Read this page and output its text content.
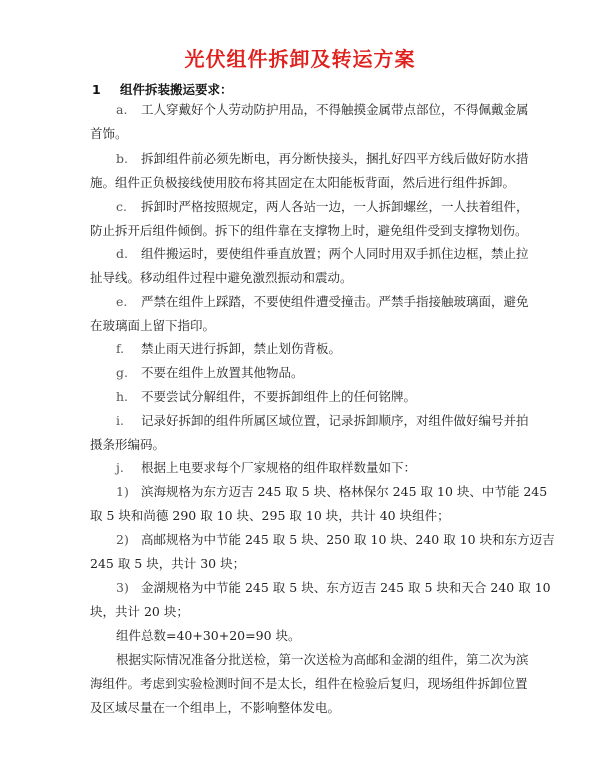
光伏组件拆卸及转运方案
1 组件拆装搬运要求：
a. 工人穿戴好个人劳动防护用品，不得触摸金属带点部位，不得佩戴金属
首饰。
b. 拆卸组件前必须先断电，再分断快接头，捆扎好四平方线后做好防水措
施。组件正负极接线使用胶布将其固定在太阳能板背面，然后进行组件拆卸。
c. 拆卸时严格按照规定，两人各站一边，一人拆卸螺丝，一人扶着组件，
防止拆开后组件倾倒。拆下的组件靠在支撑物上时，避免组件受到支撑物划伤。
d. 组件搬运时，要使组件垂直放置；两个人同时用双手抓住边框，禁止拉
扯导线。移动组件过程中避免激烈振动和震动。
e. 严禁在组件上踩踏，不要使组件遭受撞击。严禁手指接触玻璃面，避免
在玻璃面上留下指印。
f. 禁止雨天进行拆卸，禁止划伤背板。
g. 不要在组件上放置其他物品。
h. 不要尝试分解组件，不要拆卸组件上的任何铭牌。
i. 记录好拆卸的组件所属区域位置，记录拆卸顺序，对组件做好编号并拍
摄条形编码。
j. 根据上电要求每个厂家规格的组件取样数量如下：
1) 滨海规格为东方迈吉 245 取 5 块、格林保尔 245 取 10 块、中节能 245
取 5 块和尚德 290 取 10 块、295 取 10 块，共计 40 块组件；
2) 高邮规格为中节能 245 取 5 块、250 取 10 块、240 取 10 块和东方迈吉
245 取 5 块，共计 30 块；
3) 金湖规格为中节能 245 取 5 块、东方迈吉 245 取 5 块和天合 240 取 10
块，共计 20 块；
组件总数=40+30+20=90 块。
根据实际情况准备分批送检，第一次送检为高邮和金湖的组件，第二次为滨
海组件。考虑到实验检测时间不是太长，组件在检验后复归，现场组件拆卸位置
及区域尽量在一个组串上，不影响整体发电。
